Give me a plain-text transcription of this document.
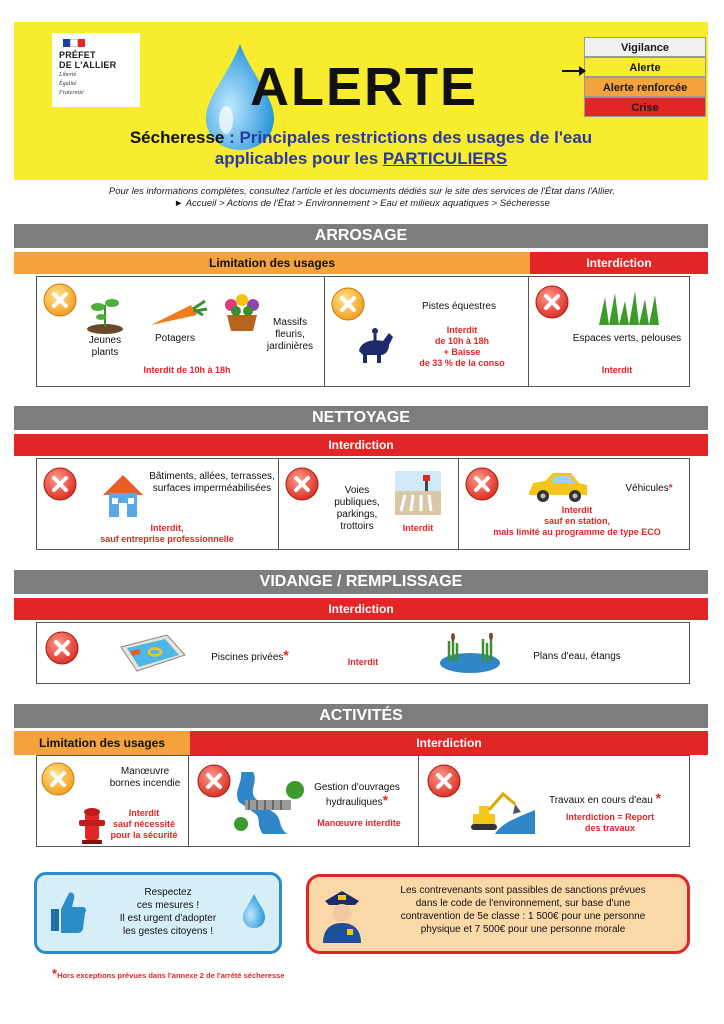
PRÉFET
DE L'ALLIER
Liberté
Égalité
Fraternité	ALERTE
Sécheresse : Principales restrictions des usages de l'eau
applicables pour les PARTICULIERS
Vigilance
Alerte
Alerte renforcée
Crise
Pour les informations complètes, consultez l'article et les documents dédiés sur le site des services de l'État dans l'Allier.
► Accueil > Actions de l'État > Environnement > Eau et milieux aquatiques > Sécheresse
ARROSAGE
Limitation des usages	Interdiction
Jeunes plants
Potagers
Massifs fleuris, jardinières
Interdit de 10h à 18h
Pistes équestres
Interdit
de 10h à 18h
+ Baisse
de 33 % de la conso
Espaces verts, pelouses
Interdit
NETTOYAGE
Interdiction
Bâtiments, allées, terrasses, surfaces imperméabilisées
Interdit,
sauf entreprise professionnelle
Voies publiques, parkings, trottoirs	Interdit
Véhicules*
Interdit
sauf en station,
mais limité au programme de type ECO
VIDANGE / REMPLISSAGE
Interdiction
Piscines privées*	Interdit	Plans d'eau, étangs
ACTIVITÉS
Limitation des usages	Interdiction
Manœuvre bornes incendie
Interdit
sauf nécessité
pour la sécurité
Gestion d'ouvrages hydrauliques*
Manœuvre interdite
Travaux en cours d'eau *
Interdiction = Report
des travaux
Respectez
ces mesures !
Il est urgent d'adopter
les gestes citoyens !
Les contrevenants sont passibles de sanctions prévues
dans le code de l'environnement, sur base d'une
contravention de 5e classe : 1 500€ pour une personne
physique et 7 500€ pour une personne morale
*Hors exceptions prévues dans l'annexe 2 de l'arrêté sécheresse
